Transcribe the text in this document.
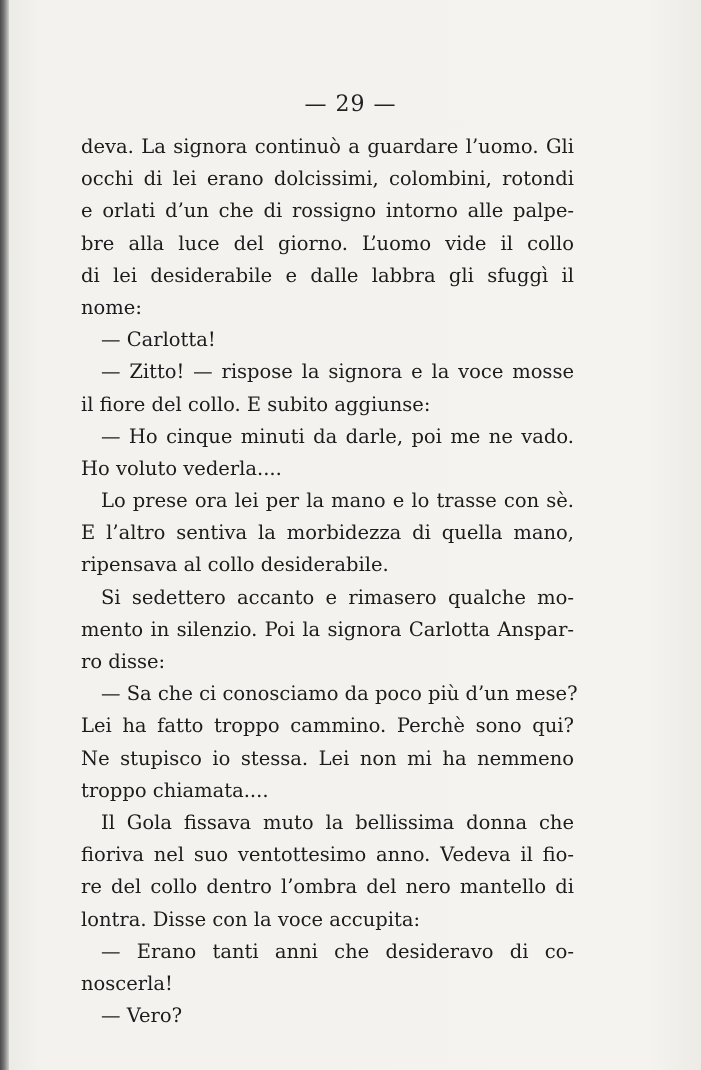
— 29 —
deva. La signora continuò a guardare l’uomo. Gli
occhi di lei erano dolcissimi, colombini, rotondi
e orlati d’un che di rossigno intorno alle palpe-
bre alla luce del giorno. L’uomo vide il collo
di lei desiderabile e dalle labbra gli sfuggì il
nome:
— Carlotta!
— Zitto! — rispose la signora e la voce mosse
il fiore del collo. E subito aggiunse:
— Ho cinque minuti da darle, poi me ne vado.
Ho voluto vederla....
Lo prese ora lei per la mano e lo trasse con sè.
E l’altro sentiva la morbidezza di quella mano,
ripensava al collo desiderabile.
Si sedettero accanto e rimasero qualche mo-
mento in silenzio. Poi la signora Carlotta Anspar-
ro disse:
— Sa che ci conosciamo da poco più d’un mese?
Lei ha fatto troppo cammino. Perchè sono qui?
Ne stupisco io stessa. Lei non mi ha nemmeno
troppo chiamata....
Il Gola fissava muto la bellissima donna che
fioriva nel suo ventottesimo anno. Vedeva il fio-
re del collo dentro l’ombra del nero mantello di
lontra. Disse con la voce accupita:
— Erano tanti anni che desideravo di co-
noscerla!
— Vero?
